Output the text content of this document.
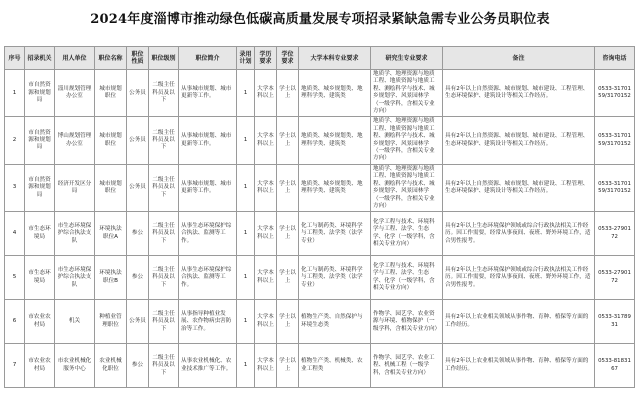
2024年度淄博市推动绿色低碳高质量发展专项招录紧缺急需专业公务员职位表
序号	招录机关	用人单位	职位名称	职位性质	职位级别	职位简介	录用计划	学历要求	学位要求	大学本科专业要求	研究生专业要求	备注	咨询电话
1	市自然资源和规划局	淄川规划管理办公室	城市规划职位	公务员	二级主任科员及以下	从事城市规划、城市更新等工作。	1	大学本科以上	学士以上	地质类、城乡规划类、地理科学类、建筑类	地质学、地理资源与地质工程、地质资源与地质工程、测绘科学与技术、城乡规划学、风景园林学（一级学科，含相关专业方向）	具有2年以上自然资源、城市规划、城市建设、工程管理、生态环境保护、建筑设计等相关工作经历。	0533-3170159/3170152
2	市自然资源和规划局	博山规划管理办公室	城市规划职位	公务员	二级主任科员及以下	从事城市规划、城市更新等工作。	1	大学本科以上	学士以上	地质类、城乡规划类、地理科学类、建筑类	地质学、地理资源与地质工程、地质资源与地质工程、测绘科学与技术、城乡规划学、风景园林学（一级学科，含相关专业方向）	具有2年以上自然资源、城市规划、城市建设、工程管理、生态环境保护、建筑设计等相关工作经历。	0533-3170159/3170152
3	市自然资源和规划局	经济开发区分局	城市规划职位	公务员	二级主任科员及以下	从事城市规划、城市更新等工作。	1	大学本科以上	学士以上	地质类、城乡规划类、地理科学类、建筑类	地质学、地理资源与地质工程、地质资源与地质工程、测绘科学与技术、城乡规划学、风景园林学（一级学科，含相关专业方向）	具有2年以上自然资源、城市规划、城市建设、工程管理、生态环境保护、建筑设计等相关工作经历。	0533-3170159/3170152
4	市生态环境局	市生态环境保护综合执法支队	环境执法职位A	参公	二级主任科员及以下	从事生态环境保护综合执法、监测等工作。	1	大学本科以上	学士以上	化工与制药类、环境科学与工程类、法学类（法学专业）	化学工程与技术、环境科学与工程、法学、生态学、化学（一级学科，含相关专业方向）	具有2年以上生态环境保护领域或综合行政执法相关工作经历。因工作需要，经常从事夜间、夜班、野外环境工作，适合男性报考。	0533-2790172
5	市生态环境局	市生态环境保护综合执法支队	环境执法职位B	参公	二级主任科员及以下	从事生态环境保护综合执法、监测等工作。	1	大学本科以上	学士以上	化工与制药类、环境科学与工程类、法学类（法学专业）	化学工程与技术、环境科学与工程、法学、生态学、化学（一级学科，含相关专业方向）	具有2年以上生态环境保护领域或综合行政执法相关工作经历。因工作需要，经常从事夜间、夜班、野外环境工作，适合男性报考。	0533-2790172
6	市农业农村局	机关	种植业管理职位	公务员	二级主任科员及以下	从事指导种植业发展、农作物病虫害防治等工作。	1	大学本科以上	学士以上	植物生产类、自然保护与环境生态类	作物学、园艺学、农业资源与环境、植物保护（一级学科，含相关专业方向）	具有2年以上农业相关领域从事作物、育种、植保等方面的工作经历。	0533-3178931
7	市农业农村局	市农业机械化服务中心	农业机械化职位	参公	二级主任科员及以下	从事农业机械化、农业技术推广等工作。	1	大学本科以上	学士以上	植物生产类、机械类、农业工程类	作物学、园艺学、农业工程、机械工程（一级学科，含相关专业方向）	具有2年以上农业相关领域从事作物、育种、植保等方面的工作经历。	0533-8183167
